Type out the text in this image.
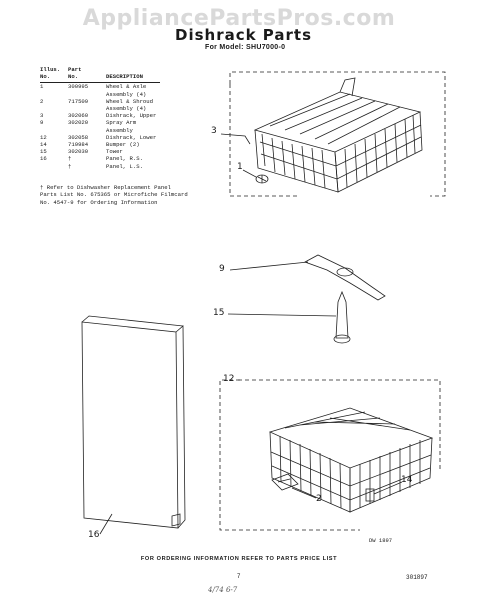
AppliancePartsPros.com
Dishrack Parts
For Model: SHU7000-0
Illus.
No.	Part
No.	DESCRIPTION

1	300995	Wheel & Axle
Assembly (4)
2	717509	Wheel & Shroud
Assembly (4)
3	302060	Dishrack, Upper
9	302020	Spray Arm
Assembly
12	302058	Dishrack, Lower
14	719984	Bumper (2)
15	302030	Tower
16	†	Panel, R.S.
	†	Panel, L.S.
† Refer to Dishwasher Replacement Panel
Parts List No. 675365 or Microfiche Filmcard
No. 4547-9 for Ordering Information
3
1
9
15
12
2
14
16
DW 1897
FOR ORDERING INFORMATION REFER TO PARTS PRICE LIST
7	301897
4/74 6-7
